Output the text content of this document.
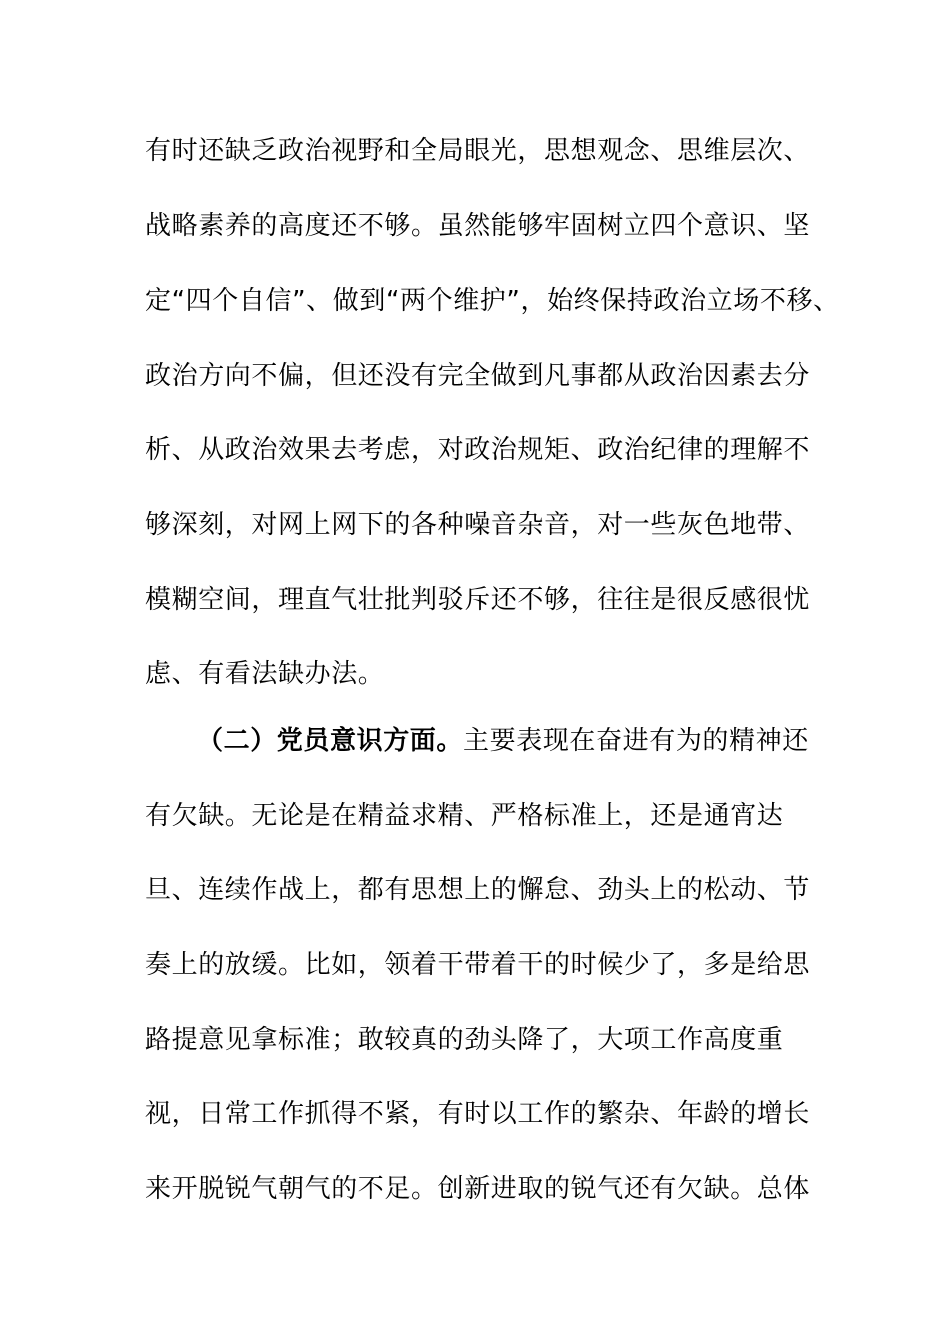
有时还缺乏政治视野和全局眼光，思想观念、思维层次、
战略素养的高度还不够。虽然能够牢固树立四个意识、坚
定“四个自信”、做到“两个维护”，始终保持政治立场不移、
政治方向不偏，但还没有完全做到凡事都从政治因素去分
析、从政治效果去考虑，对政治规矩、政治纪律的理解不
够深刻，对网上网下的各种噪音杂音，对一些灰色地带、
模糊空间，理直气壮批判驳斥还不够，往往是很反感很忧
虑、有看法缺办法。
（二）党员意识方面。主要表现在奋进有为的精神还
有欠缺。无论是在精益求精、严格标准上，还是通宵达
旦、连续作战上，都有思想上的懈怠、劲头上的松动、节
奏上的放缓。比如，领着干带着干的时候少了，多是给思
路提意见拿标准；敢较真的劲头降了，大项工作高度重
视，日常工作抓得不紧，有时以工作的繁杂、年龄的增长
来开脱锐气朝气的不足。创新进取的锐气还有欠缺。总体
